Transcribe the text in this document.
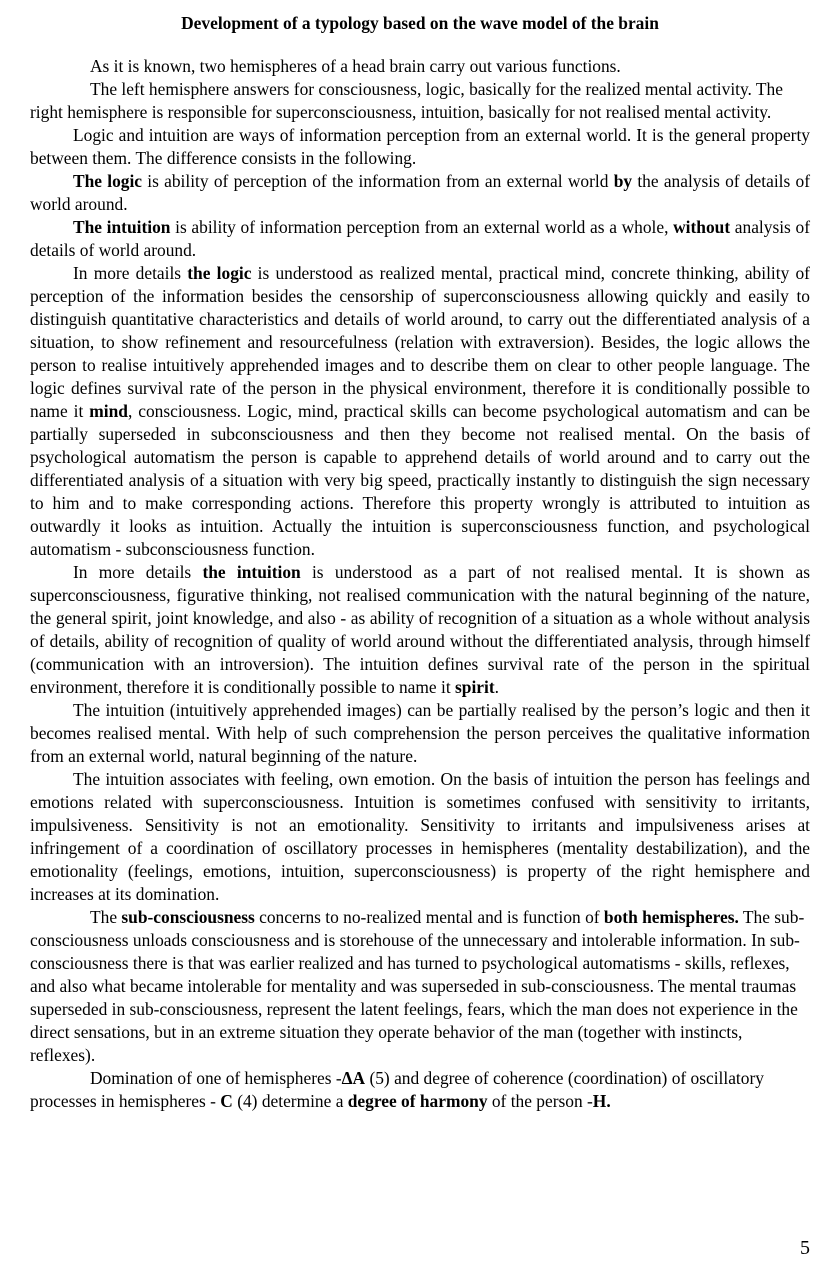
Development of a typology based on the wave model of the brain

As it is known, two hemispheres of a head brain carry out various functions.

The left hemisphere answers for consciousness, logic, basically for the realized mental activity. The right hemisphere is responsible for superconsciousness, intuition, basically for not realised mental activity.

Logic and intuition are ways of information perception from an external world. It is the general property between them. The difference consists in the following.

The logic is ability of perception of the information from an external world by the analysis of details of world around.

The intuition is ability of information perception from an external world as a whole, without analysis of details of world around.

In more details the logic is understood as realized mental, practical mind, concrete thinking, ability of perception of the information besides the censorship of superconsciousness allowing quickly and easily to distinguish quantitative characteristics and details of world around, to carry out the differentiated analysis of a situation, to show refinement and resourcefulness (relation with extraversion). Besides, the logic allows the person to realise intuitively apprehended images and to describe them on clear to other people language. The logic defines survival rate of the person in the physical environment, therefore it is conditionally possible to name it mind, consciousness. Logic, mind, practical skills can become psychological automatism and can be partially superseded in subconsciousness and then they become not realised mental. On the basis of psychological automatism the person is capable to apprehend details of world around and to carry out the differentiated analysis of a situation with very big speed, practically instantly to distinguish the sign necessary to him and to make corresponding actions. Therefore this property wrongly is attributed to intuition as outwardly it looks as intuition. Actually the intuition is superconsciousness function, and psychological automatism - subconsciousness function.

In more details the intuition is understood as a part of not realised mental. It is shown as superconsciousness, figurative thinking, not realised communication with the natural beginning of the nature, the general spirit, joint knowledge, and also - as ability of recognition of a situation as a whole without analysis of details, ability of recognition of quality of world around without the differentiated analysis, through himself (communication with an introversion). The intuition defines survival rate of the person in the spiritual environment, therefore it is conditionally possible to name it spirit.

The intuition (intuitively apprehended images) can be partially realised by the person’s logic and then it becomes realised mental. With help of such comprehension the person perceives the qualitative information from an external world, natural beginning of the nature.

The intuition associates with feeling, own emotion. On the basis of intuition the person has feelings and emotions related with superconsciousness. Intuition is sometimes confused with sensitivity to irritants, impulsiveness. Sensitivity is not an emotionality. Sensitivity to irritants and impulsiveness arises at infringement of a coordination of oscillatory processes in hemispheres (mentality destabilization), and the emotionality (feelings, emotions, intuition, superconsciousness) is property of the right hemisphere and increases at its domination.

The sub-consciousness concerns to no-realized mental and is function of both hemispheres. The sub-consciousness unloads consciousness and is storehouse of the unnecessary and intolerable information. In sub-consciousness there is that was earlier realized and has turned to psychological automatisms - skills, reflexes, and also what became intolerable for mentality and was superseded in sub-consciousness. The mental traumas superseded in sub-consciousness, represent the latent feelings, fears, which the man does not experience in the direct sensations, but in an extreme situation they operate behavior of the man (together with instincts, reflexes).

Domination of one of hemispheres -ΔA (5) and degree of coherence (coordination) of oscillatory processes in hemispheres - C (4) determine a degree of harmony of the person -H.

5
